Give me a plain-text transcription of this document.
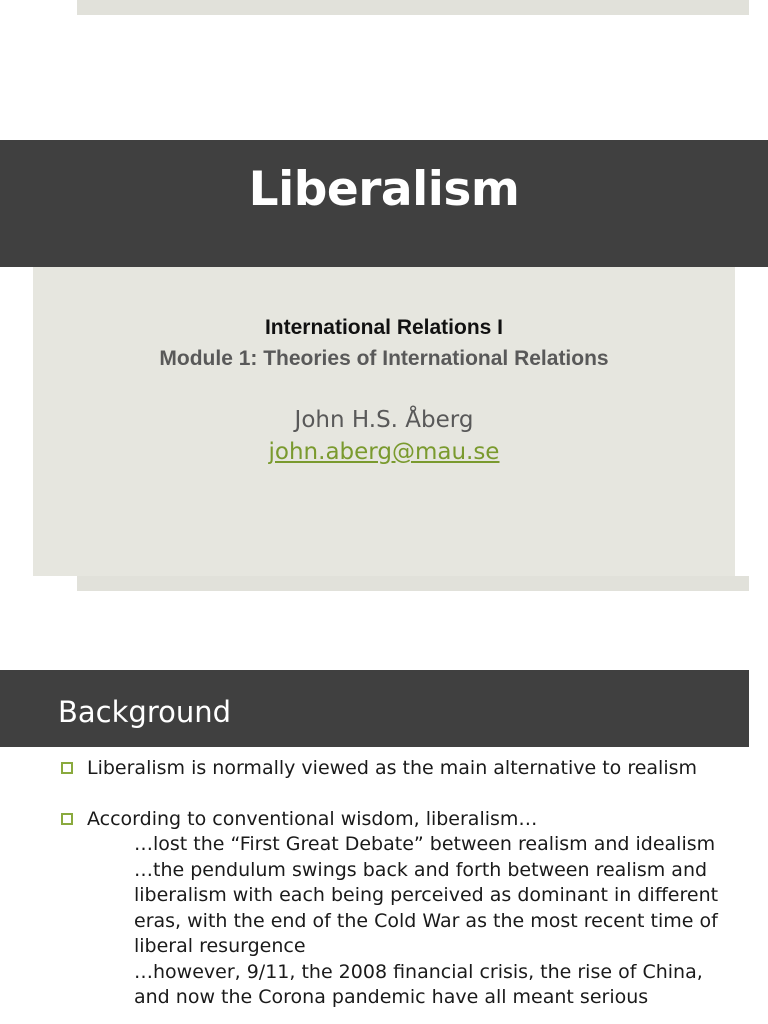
Liberalism
International Relations I
Module 1: Theories of International Relations
John H.S. Åberg
john.aberg@mau.se
Background
Liberalism is normally viewed as the main alternative to realism
According to conventional wisdom, liberalism…
…lost the “First Great Debate” between realism and idealism
…the pendulum swings back and forth between realism and liberalism with each being perceived as dominant in different eras, with the end of the Cold War as the most recent time of liberal resurgence
…however, 9/11, the 2008 financial crisis, the rise of China, and now the Corona pandemic have all meant serious
